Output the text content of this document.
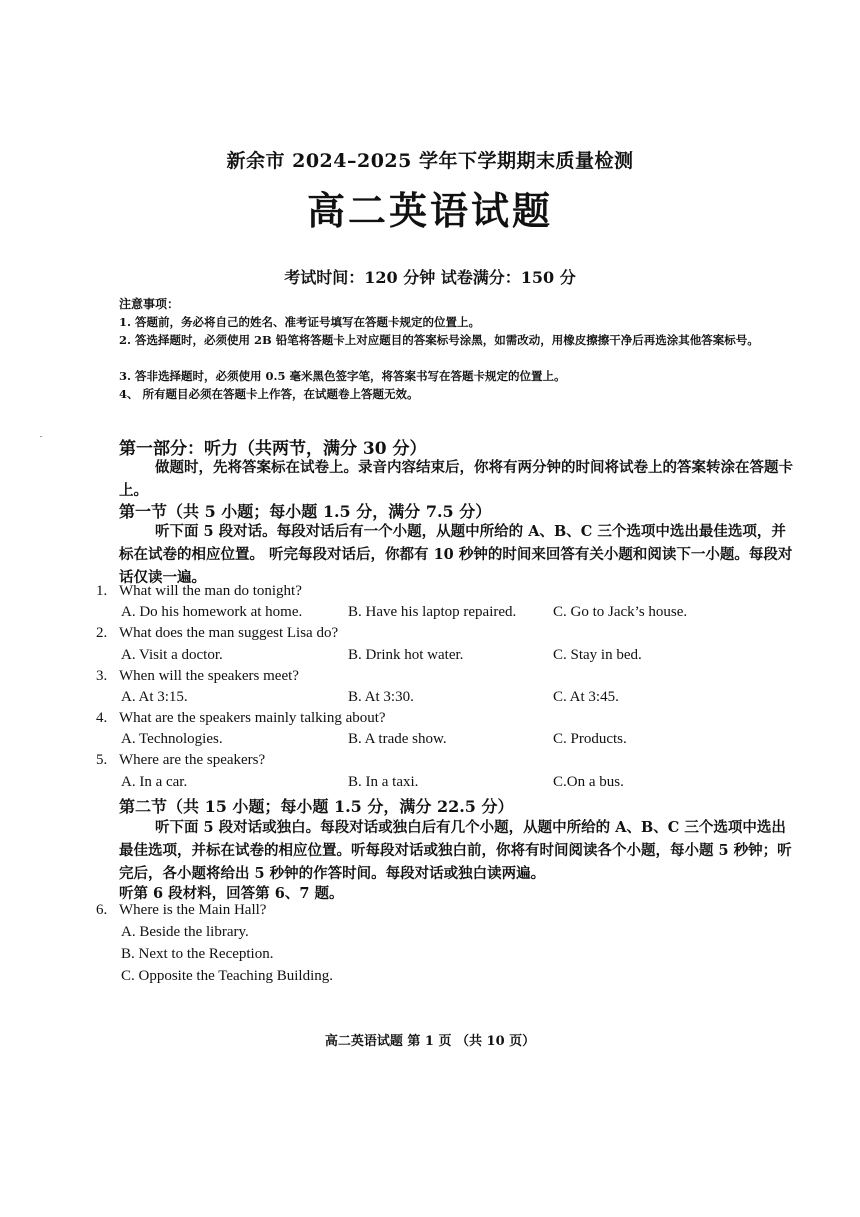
新余市 2024–2025 学年下学期期末质量检测
高二英语试题
考试时间：120 分钟 试卷满分：150 分
注意事项：
1. 答题前，务必将自己的姓名、准考证号填写在答题卡规定的位置上。
2. 答选择题时，必须使用 2B 铅笔将答题卡上对应题目的答案标号涂黑，如需改动，用橡皮擦擦干净后再选涂其他答案标号。
3. 答非选择题时，必须使用 0.5 毫米黑色签字笔，将答案书写在答题卡规定的位置上。
4、 所有题目必须在答题卡上作答，在试题卷上答题无效。
第一部分：听力（共两节，满分 30 分）
做题时，先将答案标在试卷上。录音内容结束后，你将有两分钟的时间将试卷上的答案转涂在答题卡上。
第一节（共 5 小题；每小题 1.5 分，满分 7.5 分）
听下面 5 段对话。每段对话后有一个小题，从题中所给的 A、B、C 三个选项中选出最佳选项，并标在试卷的相应位置。 听完每段对话后，你都有 10 秒钟的时间来回答有关小题和阅读下一小题。每段对话仅读一遍。
1. What will the man do tonight?
A. Do his homework at home.	B. Have his laptop repaired. C. Go to Jack’s house.
2. What does the man suggest Lisa do?
A. Visit a doctor.	B. Drink hot water.	C. Stay in bed.
3. When will the speakers meet?
A. At 3:15.	B. At 3:30.	C. At 3:45.
4. What are the speakers mainly talking about?
A. Technologies.	B. A trade show.	C. Products.
5. Where are the speakers?
A. In a car.	B. In a taxi.	C.On a bus.
第二节（共 15 小题；每小题 1.5 分，满分 22.5 分）
听下面 5 段对话或独白。每段对话或独白后有几个小题，从题中所给的 A、B、C 三个选项中选出最佳选项，并标在试卷的相应位置。听每段对话或独白前，你将有时间阅读各个小题，每小题 5 秒钟；听完后，各小题将给出 5 秒钟的作答时间。每段对话或独白读两遍。
听第 6 段材料，回答第 6、7 题。
6. Where is the Main Hall?
A. Beside the library.
B. Next to the Reception.
C. Opposite the Teaching Building.
高二英语试题 第 1 页 （共 10 页）
